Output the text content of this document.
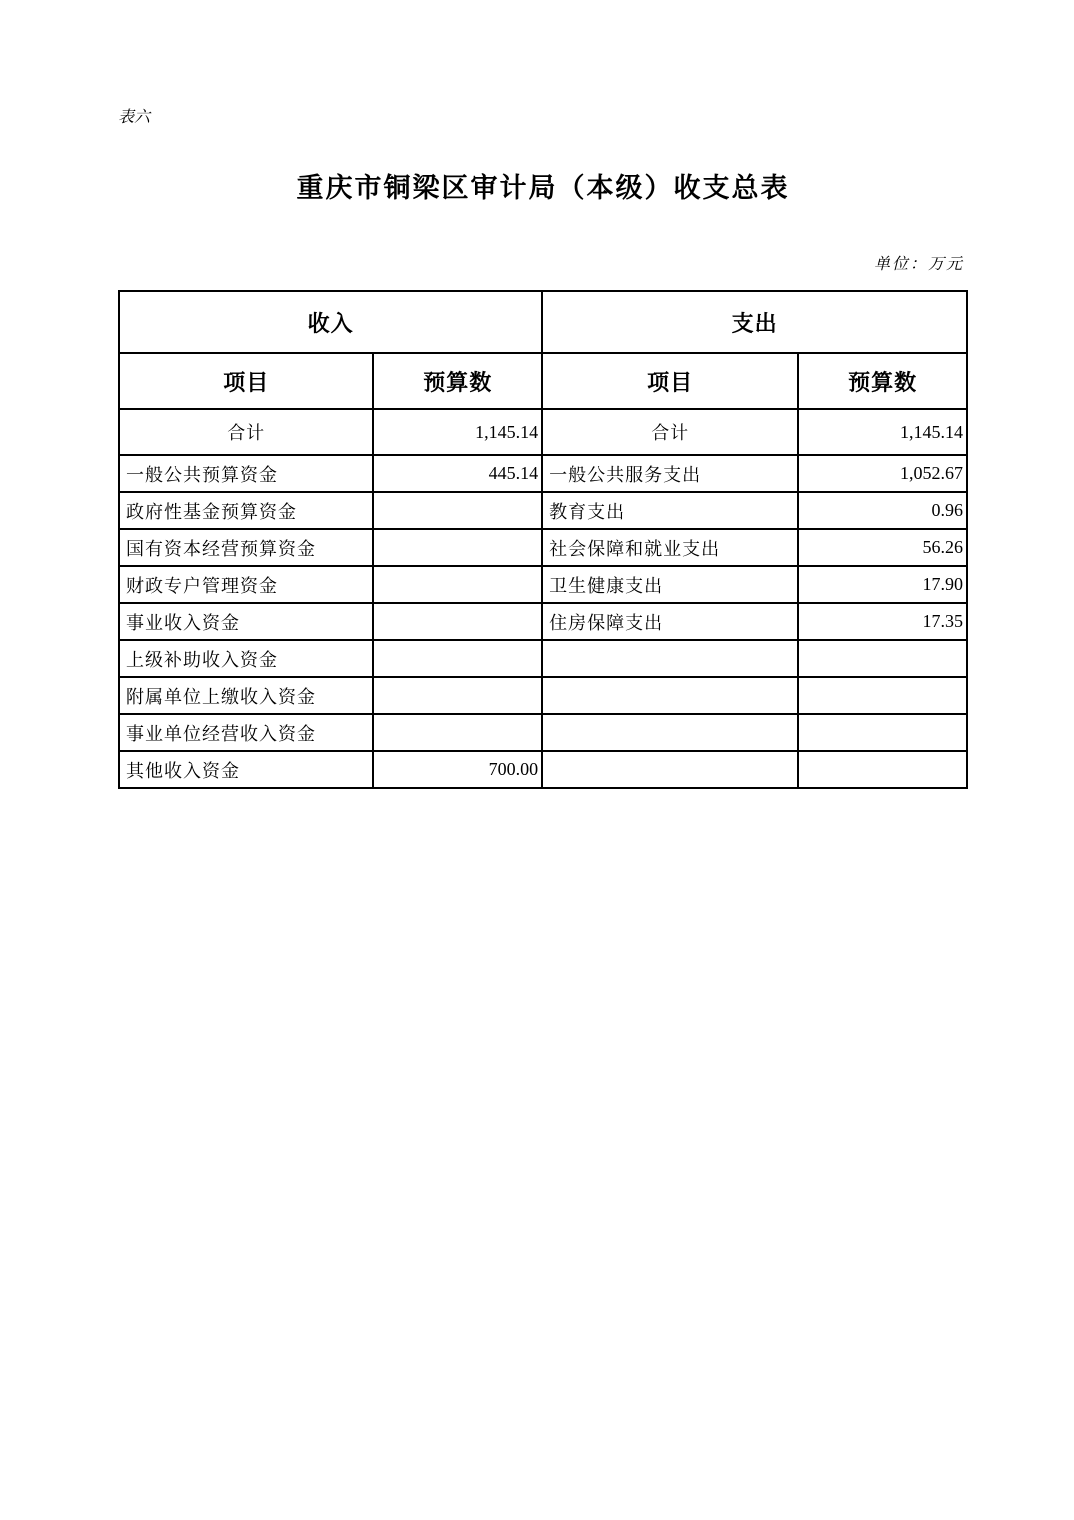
表六
重庆市铜梁区审计局（本级）收支总表
单位：万元
收入		支出	
项目	预算数	项目	预算数
合计	1,145.14	合计	1,145.14
一般公共预算资金	445.14	一般公共服务支出	1,052.67
政府性基金预算资金		教育支出	0.96
国有资本经营预算资金		社会保障和就业支出	56.26
财政专户管理资金		卫生健康支出	17.90
事业收入资金		住房保障支出	17.35
上级补助收入资金			
附属单位上缴收入资金			
事业单位经营收入资金			
其他收入资金	700.00		
